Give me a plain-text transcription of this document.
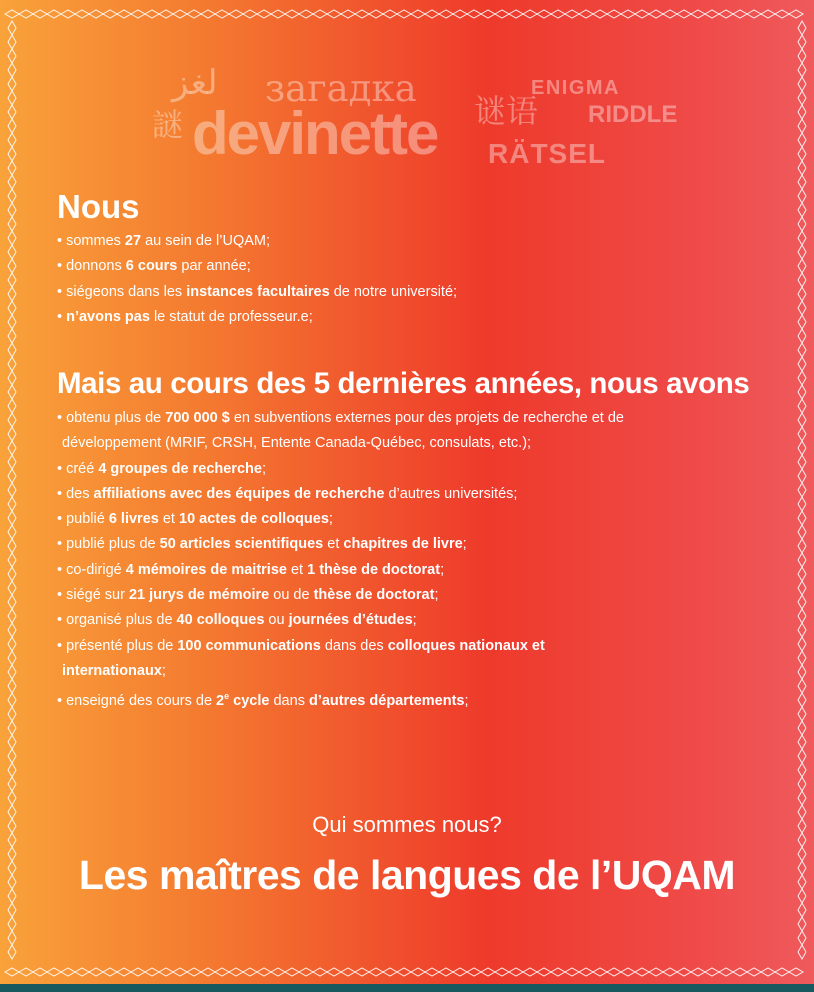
لغز загадка	ENIGMA
謎 devinette 谜语 RIDDLE
RÄTSEL
Nous
• sommes 27 au sein de l’UQAM;
• donnons 6 cours par année;
• siégeons dans les instances facultaires de notre université;
• n’avons pas le statut de professeur.e;
Mais au cours des 5 dernières années, nous avons
• obtenu plus de 700 000 $ en subventions externes pour des projets de recherche et de
développement (MRIF, CRSH, Entente Canada-Québec, consulats, etc.);
• créé 4 groupes de recherche;
• des affiliations avec des équipes de recherche d’autres universités;
• publié 6 livres et 10 actes de colloques;
• publié plus de 50 articles scientifiques et chapitres de livre;
• co-dirigé 4 mémoires de maitrise et 1 thèse de doctorat;
• siégé sur 21 jurys de mémoire ou de thèse de doctorat;
• organisé plus de 40 colloques ou journées d’études;
• présenté plus de 100 communications dans des colloques nationaux et
internationaux;
• enseigné des cours de 2e cycle dans d’autres départements;
Qui sommes nous?
Les maîtres de langues de l’UQAM
